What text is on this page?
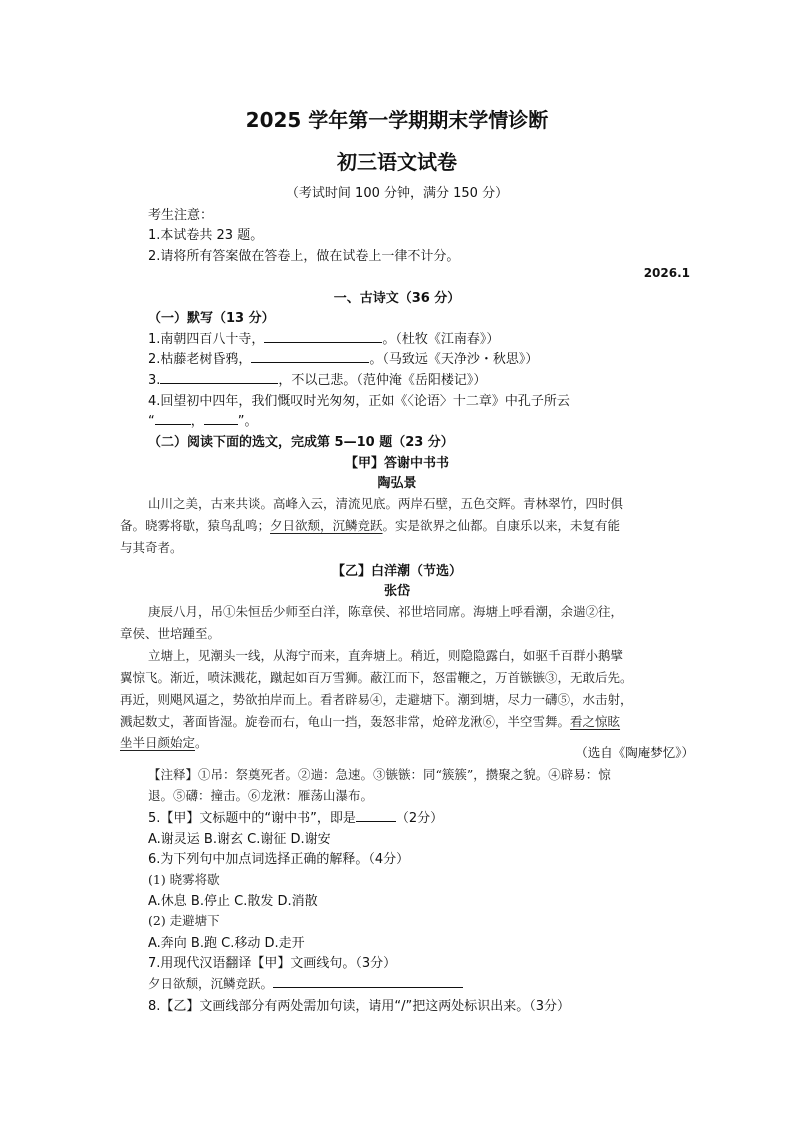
2025 学年第一学期期末学情诊断
初三语文试卷
（考试时间 100 分钟，满分 150 分）
考生注意：
1.本试卷共 23 题。
2.请将所有答案做在答卷上，做在试卷上一律不计分。
2026.1
一、古诗文（36 分）
（一）默写（13 分）
1.南朝四百八十寺，	。（杜牧《江南春》）
2.枯藤老树昏鸦，	。（马致远《天净沙・秋思》）
3.	，不以己悲。（范仲淹《岳阳楼记》）
4.回望初中四年，我们慨叹时光匆匆，正如《〈论语〉十二章》中孔子所云
“	，	”。
（二）阅读下面的选文，完成第 5—10 题（23 分）
【甲】答谢中书书
陶弘景
山川之美，古来共谈。高峰入云，清流见底。两岸石壁，五色交辉。青林翠竹，四时俱
备。晓雾将歇，猿鸟乱鸣；夕日欲颓，沉鳞竞跃。实是欲界之仙都。自康乐以来，未复有能
与其奇者。
【乙】白洋潮（节选）
张岱
庚辰八月，吊①朱恒岳少师至白洋，陈章侯、祁世培同席。海塘上呼看潮，余遄②往，
章侯、世培踵至。
立塘上，见潮头一线，从海宁而来，直奔塘上。稍近，则隐隐露白，如驱千百群小鹅擘
翼惊飞。渐近，喷沫溅花，蹴起如百万雪狮。蔽江而下，怒雷鞭之，万首镞镞③，无敢后先。
再近，则飓风逼之，势欲拍岸而上。看者辟易④，走避塘下。潮到塘，尽力一礴⑤，水击射，
溅起数丈，著面皆湿。旋卷而右，龟山一挡，轰怒非常，炝碎龙湫⑥，半空雪舞。看之惊眩
坐半日颜始定。
（选自《陶庵梦忆》）
【注释】①吊：祭奠死者。②遄：急速。③镞镞：同“簇簇”，攒聚之貌。④辟易：惊
退。⑤礴：撞击。⑥龙湫：雁荡山瀑布。
5.【甲】文标题中的“谢中书”，即是	（2分）
A.谢灵运 B.谢玄 C.谢征 D.谢安
6.为下列句中加点词选择正确的解释。（4分）
(1) 晓雾将歇
A.休息 B.停止 C.散发 D.消散
(2) 走避塘下
A.奔向 B.跑 C.移动 D.走开
7.用现代汉语翻译【甲】文画线句。（3分）
夕日欲颓，沉鳞竞跃。
8.【乙】文画线部分有两处需加句读，请用“/”把这两处标识出来。（3分）
